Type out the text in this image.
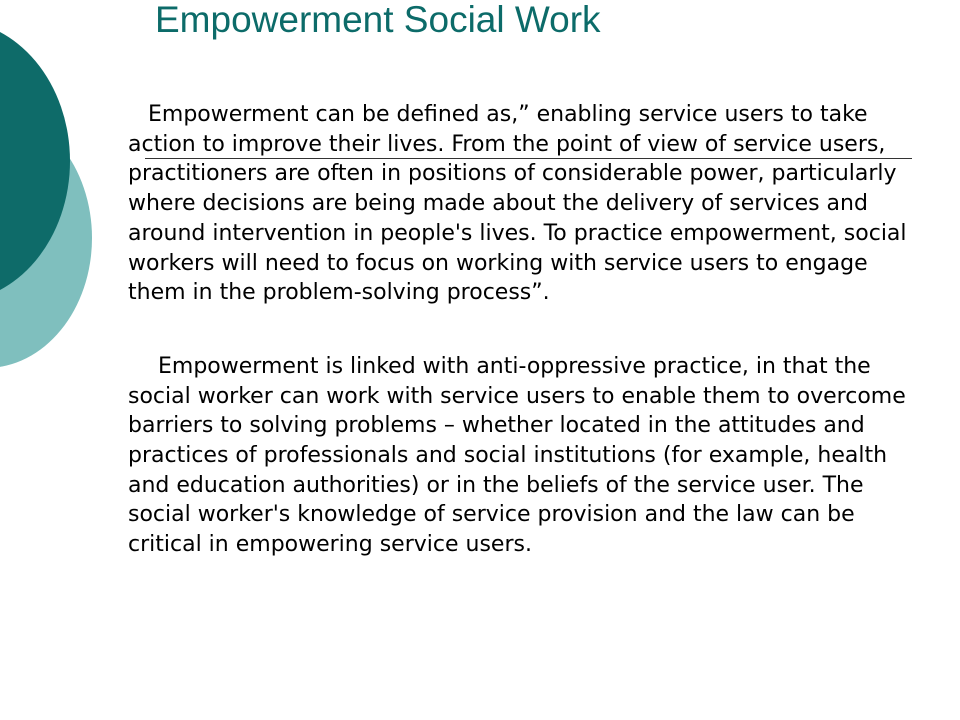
Empowerment Social Work

Empowerment can be defined as,” enabling service users to take action to improve their lives. From the point of view of service users, practitioners are often in positions of considerable power, particularly where decisions are being made about the delivery of services and around intervention in people's lives. To practice empowerment, social workers will need to focus on working with service users to engage them in the problem-solving process”.

Empowerment is linked with anti-oppressive practice, in that the social worker can work with service users to enable them to overcome barriers to solving problems – whether located in the attitudes and practices of professionals and social institutions (for example, health and education authorities) or in the beliefs of the service user. The social worker's knowledge of service provision and the law can be critical in empowering service users.
